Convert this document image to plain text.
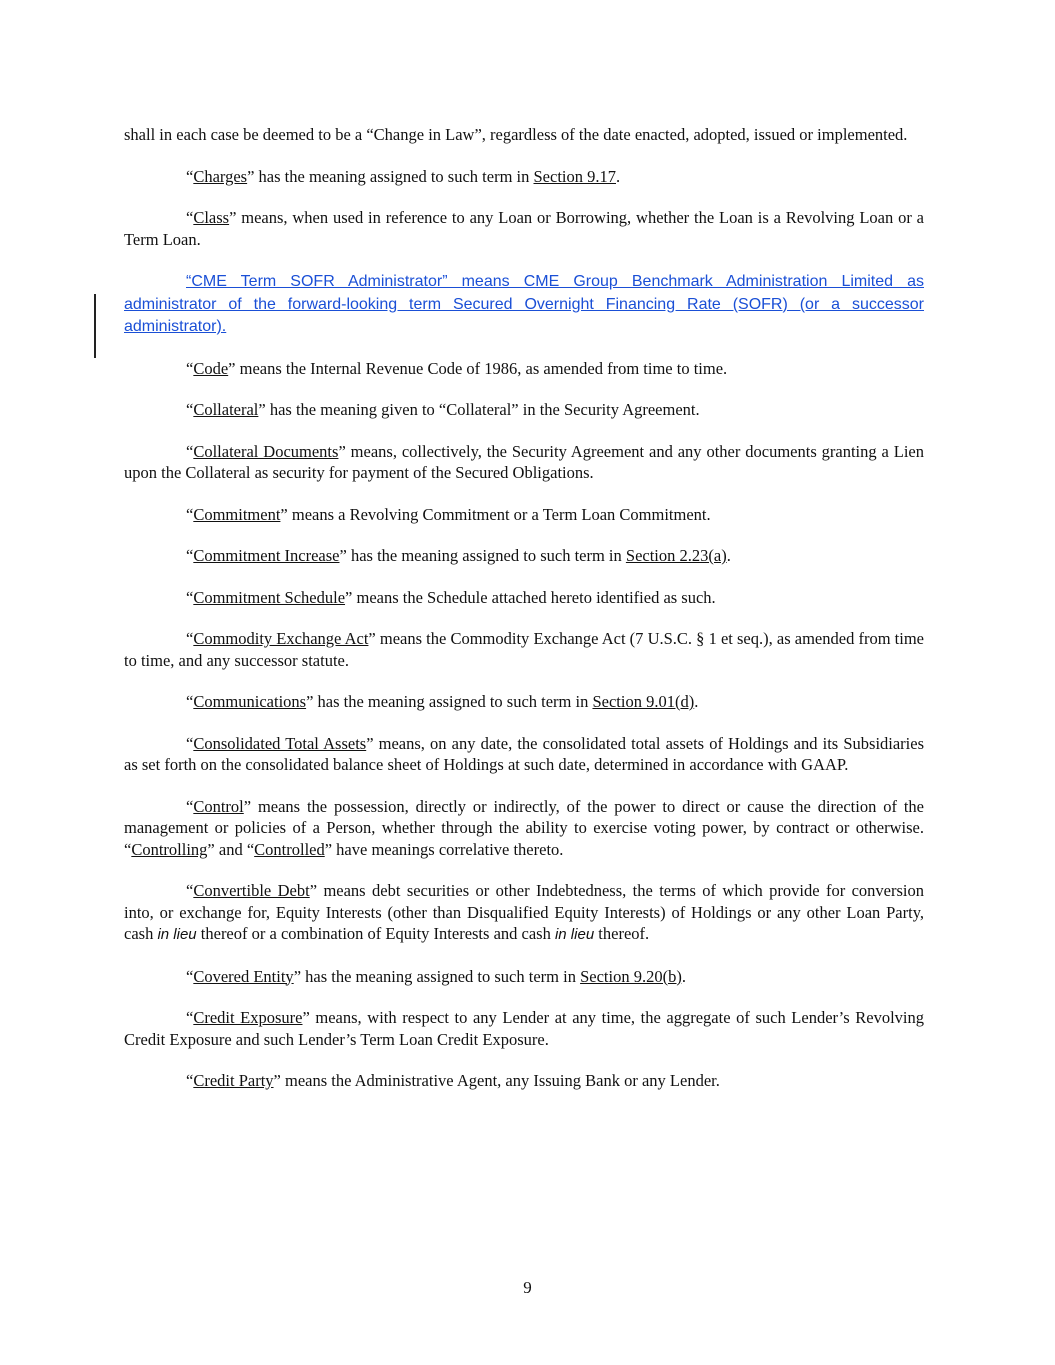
shall in each case be deemed to be a “Change in Law”, regardless of the date enacted, adopted, issued or implemented.

“Charges” has the meaning assigned to such term in Section 9.17.

“Class” means, when used in reference to any Loan or Borrowing, whether the Loan is a Revolving Loan or a Term Loan.

“CME Term SOFR Administrator” means CME Group Benchmark Administration Limited as administrator of the forward-looking term Secured Overnight Financing Rate (SOFR) (or a successor administrator).

“Code” means the Internal Revenue Code of 1986, as amended from time to time.

“Collateral” has the meaning given to “Collateral” in the Security Agreement.

“Collateral Documents” means, collectively, the Security Agreement and any other documents granting a Lien upon the Collateral as security for payment of the Secured Obligations.

“Commitment” means a Revolving Commitment or a Term Loan Commitment.

“Commitment Increase” has the meaning assigned to such term in Section 2.23(a).

“Commitment Schedule” means the Schedule attached hereto identified as such.

“Commodity Exchange Act” means the Commodity Exchange Act (7 U.S.C. § 1 et seq.), as amended from time to time, and any successor statute.

“Communications” has the meaning assigned to such term in Section 9.01(d).

“Consolidated Total Assets” means, on any date, the consolidated total assets of Holdings and its Subsidiaries as set forth on the consolidated balance sheet of Holdings at such date, determined in accordance with GAAP.

“Control” means the possession, directly or indirectly, of the power to direct or cause the direction of the management or policies of a Person, whether through the ability to exercise voting power, by contract or otherwise. “Controlling” and “Controlled” have meanings correlative thereto.

“Convertible Debt” means debt securities or other Indebtedness, the terms of which provide for conversion into, or exchange for, Equity Interests (other than Disqualified Equity Interests) of Holdings or any other Loan Party, cash in lieu thereof or a combination of Equity Interests and cash in lieu thereof.

“Covered Entity” has the meaning assigned to such term in Section 9.20(b).

“Credit Exposure” means, with respect to any Lender at any time, the aggregate of such Lender’s Revolving Credit Exposure and such Lender’s Term Loan Credit Exposure.

“Credit Party” means the Administrative Agent, any Issuing Bank or any Lender.

9
